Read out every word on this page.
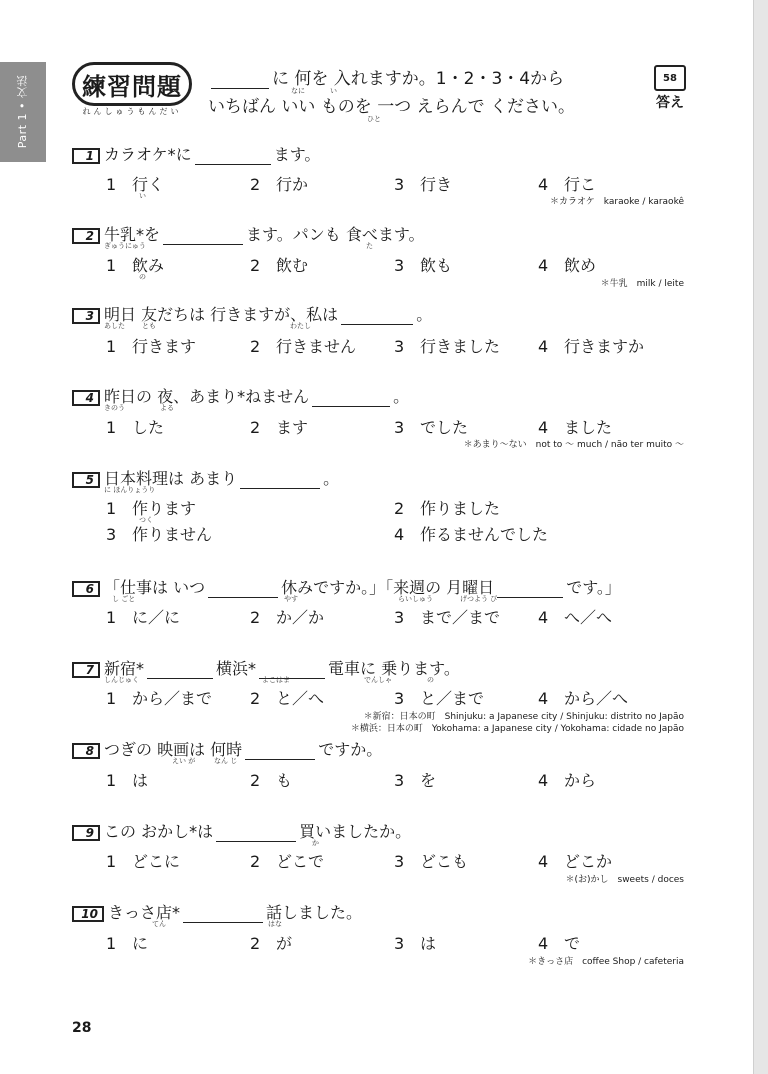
Part 1 • 文法	練習問題
れんしゅうもんだい
に 何を 入れますか。1・2・3・4から
なに	い
いちばん いい ものを 一つ えらんで ください。
ひと
58
答え
1 カラオケ*に	ます。
1 行く	2 行か	3 行き	4 行こ
い
＊カラオケ　karaoke / karaokê
2 牛乳*を	ます。パンも 食べます。
ぎゅうにゅう	た
1 飲み	2 飲む	3 飲も	4 飲め
の
＊牛乳　milk / leite
3 明日 友だちは 行きますが、私は	。
あした とも	わたし
1 行きます	2 行きません 3 行きました 4 行きますか
4 昨日の 夜、あまり*ねません	。
きのう	よる
1 した	2 ます	3 でした	4 ました
＊あまり～ない　not to ～ much / não ter muito ～
5 日本料理は あまり	。
に ほんりょうり
1 作ります	2 作りました
つく
3 作りません	4 作るませんでした
6 「仕事は いつ	休みですか。」「来週の 月曜日	です。」
し ごと	やす	らいしゅう	げつよう び
1 に／に	2 か／か	3 まで／まで 4 へ／へ
7 新宿*	横浜*	電車に 乗ります。
しんじゅく	よこはま	でんしゃ	の
1 から／まで 2 と／へ	3 と／まで	4 から／へ
＊新宿：日本の町　Shinjuku: a Japanese city / Shinjuku: distrito no Japão
＊横浜：日本の町　Yokohama: a Japanese city / Yokohama: cidade no Japão
8 つぎの 映画は 何時	ですか。
えい が	なん じ
1 は	2 も	3 を	4 から
9 この おかし*は	買いましたか。
か
1 どこに	2 どこで	3 どこも	4 どこか
＊(お)かし　sweets / doces
10 きっさ店*	話しました。
てん	はな
1 に	2 が	3 は	4 で
＊きっさ店　coffee Shop / cafeteria
28
